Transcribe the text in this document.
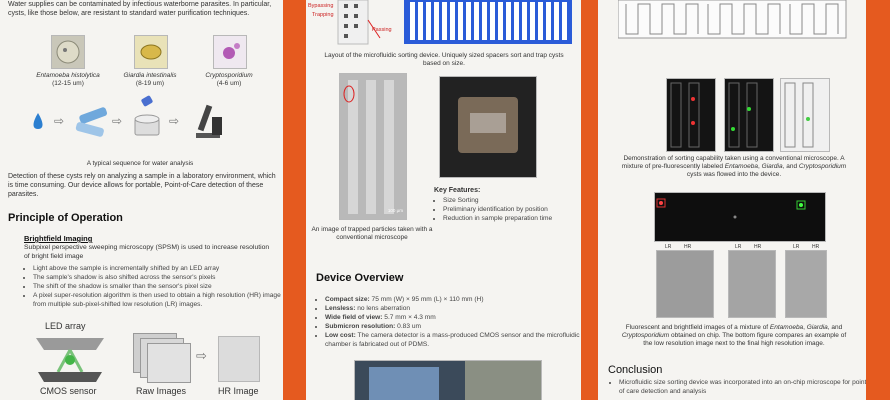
Water supplies can be contaminated by infectious waterborne parasites. In particular, cysts, like those below, are resistant to standard water purification techniques.
Entamoeba histolytica
(12-15 um)
Giardia intestinalis
(8-19 um)
Cryptosporidium
(4-6 um)
⇨	⇨	⇨
A typical sequence for water analysis
Detection of these cysts rely on analyzing a sample in a laboratory environment, which is time consuming. Our device allows for portable, Point-of-Care detection of these parasites.
Principle of Operation
Brightfield Imaging
Subpixel perspective sweeping microscopy (SPSM) is used to increase resolution of bright field image
• Light above the sample is incrementally shifted by an LED array
• The sample's shadow is also shifted across the sensor's pixels
• The shift of the shadow is smaller than the sensor's pixel size
• A pixel super-resolution algorithm is then used to obtain a high resolution (HR) image from multiple sub-pixel-shifted low resolution (LR) images.
LED array
CMOS sensor	Raw Images
⇨
HR Image
Bypassing
Trapping
Passing
Layout of the microfluidic sorting device. Uniquely sized spacers sort and trap cysts based on size.
100 μm
An image of trapped particles taken with a conventional microscope
Key Features:
• Size Sorting
• Preliminary identification by position
• Reduction in sample preparation time
Device Overview
• Compact size: 75 mm (W) × 95 mm (L) × 110 mm (H)
• Lensless: no lens aberration
• Wide field of view: 5.7 mm × 4.3 mm
• Submicron resolution: 0.83 um
• Low cost: The camera detector is a mass-produced CMOS sensor and the microfluidic chamber is fabricated out of PDMS.
Demonstration of sorting capability taken using a conventional microscope. A mixture of pre-fluorescently labeled Entamoeba, Giardia, and Cryptosporidium cysts was flowed into the device.
LR	HR	LR	HR	LR	HR
Fluorescent and brightfield images of a mixture of Entamoeba, Giardia, and Cryptosporidium obtained on chip. The bottom figure compares an example of the low resolution image next to the final high resolution image.
Conclusion
• Microfluidic size sorting device was incorporated into an on-chip microscope for point of care detection and analysis
